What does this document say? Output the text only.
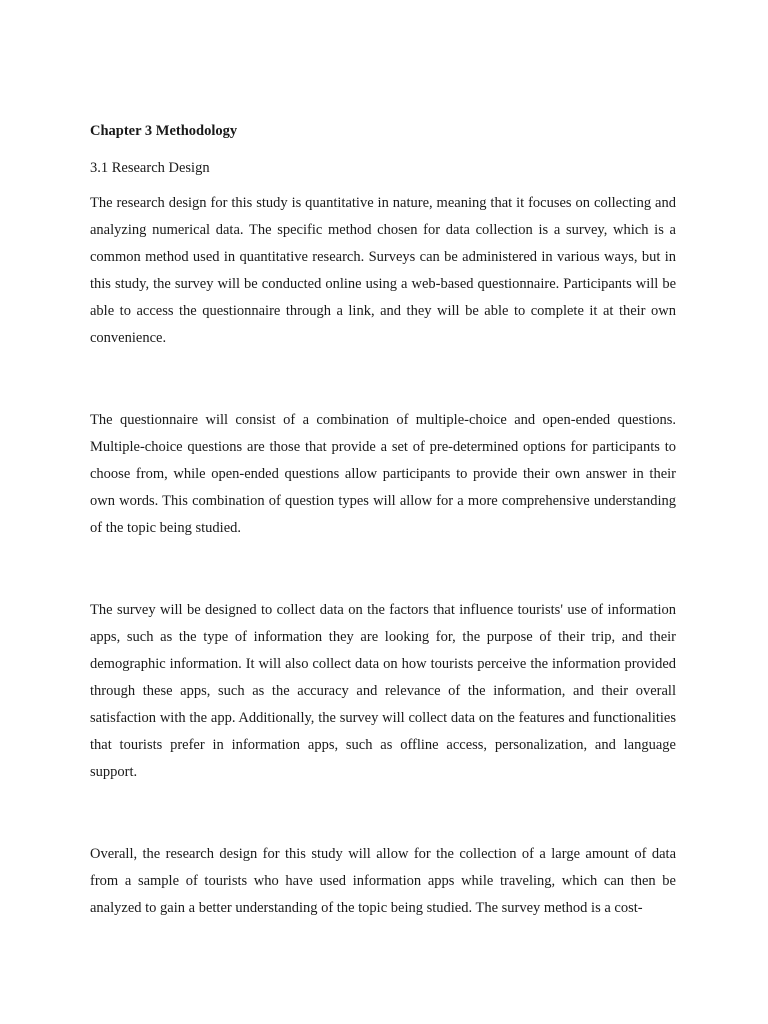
Chapter 3 Methodology
3.1 Research Design

The research design for this study is quantitative in nature, meaning that it focuses on collecting and analyzing numerical data. The specific method chosen for data collection is a survey, which is a common method used in quantitative research. Surveys can be administered in various ways, but in this study, the survey will be conducted online using a web-based questionnaire. Participants will be able to access the questionnaire through a link, and they will be able to complete it at their own convenience.

The questionnaire will consist of a combination of multiple-choice and open-ended questions. Multiple-choice questions are those that provide a set of pre-determined options for participants to choose from, while open-ended questions allow participants to provide their own answer in their own words. This combination of question types will allow for a more comprehensive understanding of the topic being studied.

The survey will be designed to collect data on the factors that influence tourists' use of information apps, such as the type of information they are looking for, the purpose of their trip, and their demographic information. It will also collect data on how tourists perceive the information provided through these apps, such as the accuracy and relevance of the information, and their overall satisfaction with the app. Additionally, the survey will collect data on the features and functionalities that tourists prefer in information apps, such as offline access, personalization, and language support.

Overall, the research design for this study will allow for the collection of a large amount of data from a sample of tourists who have used information apps while traveling, which can then be analyzed to gain a better understanding of the topic being studied. The survey method is a cost-
